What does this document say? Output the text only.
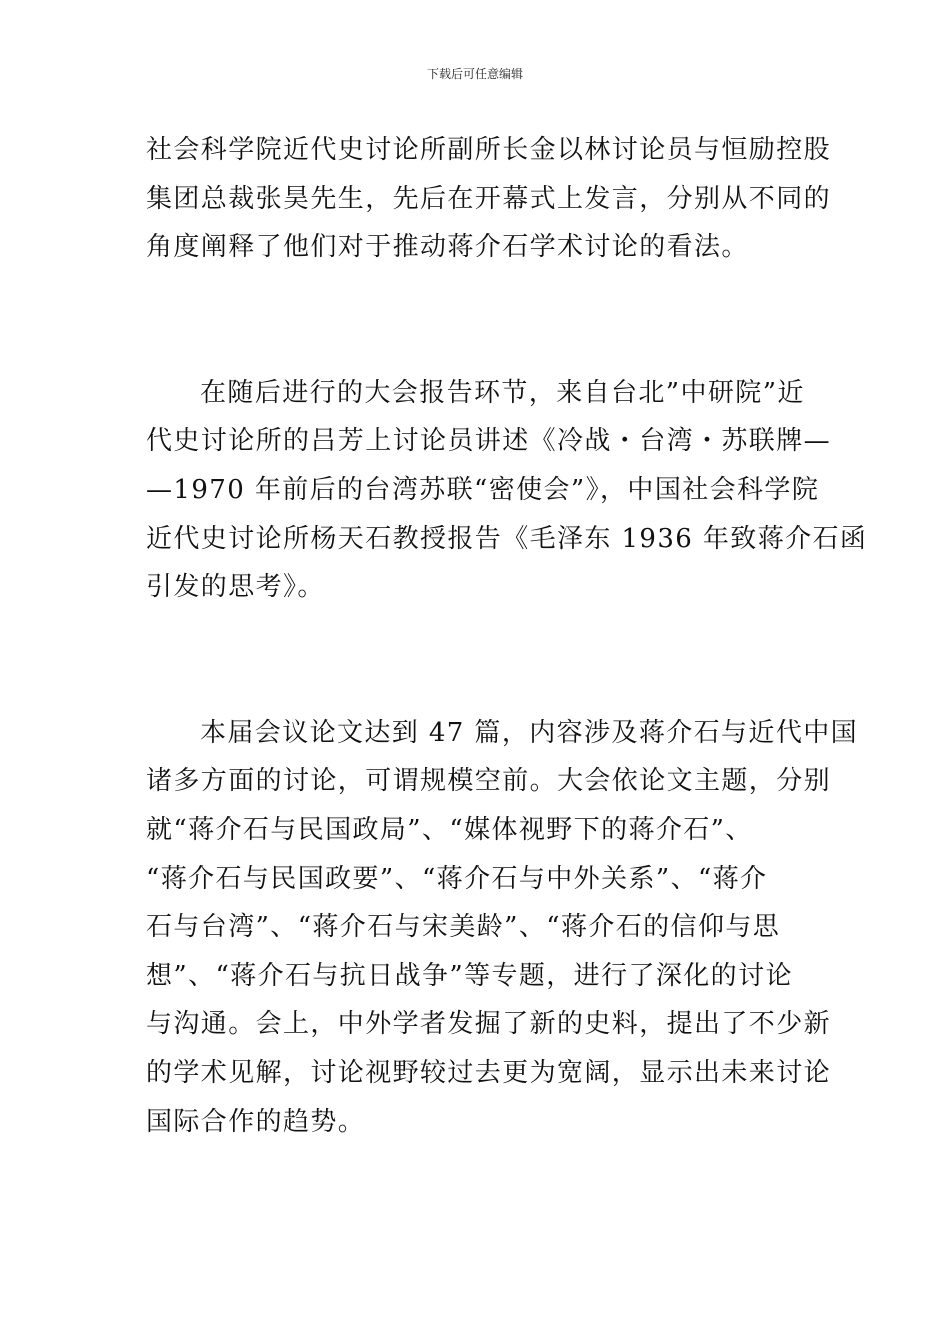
下载后可任意编辑
社会科学院近代史讨论所副所长金以林讨论员与恒励控股
集团总裁张昊先生，先后在开幕式上发言，分别从不同的
角度阐释了他们对于推动蒋介石学术讨论的看法。
在随后进行的大会报告环节，来自台北”中研院”近
代史讨论所的吕芳上讨论员讲述《冷战・台湾・苏联牌—
—1970 年前后的台湾苏联“密使会”》，中国社会科学院
近代史讨论所杨天石教授报告《毛泽东 1936 年致蒋介石函
引发的思考》。
本届会议论文达到 47 篇，内容涉及蒋介石与近代中国
诸多方面的讨论，可谓规模空前。大会依论文主题，分别
就“蒋介石与民国政局”、“媒体视野下的蒋介石”、
“蒋介石与民国政要”、“蒋介石与中外关系”、“蒋介
石与台湾”、“蒋介石与宋美龄”、“蒋介石的信仰与思
想”、“蒋介石与抗日战争”等专题，进行了深化的讨论
与沟通。会上，中外学者发掘了新的史料，提出了不少新
的学术见解，讨论视野较过去更为宽阔，显示出未来讨论
国际合作的趋势。
